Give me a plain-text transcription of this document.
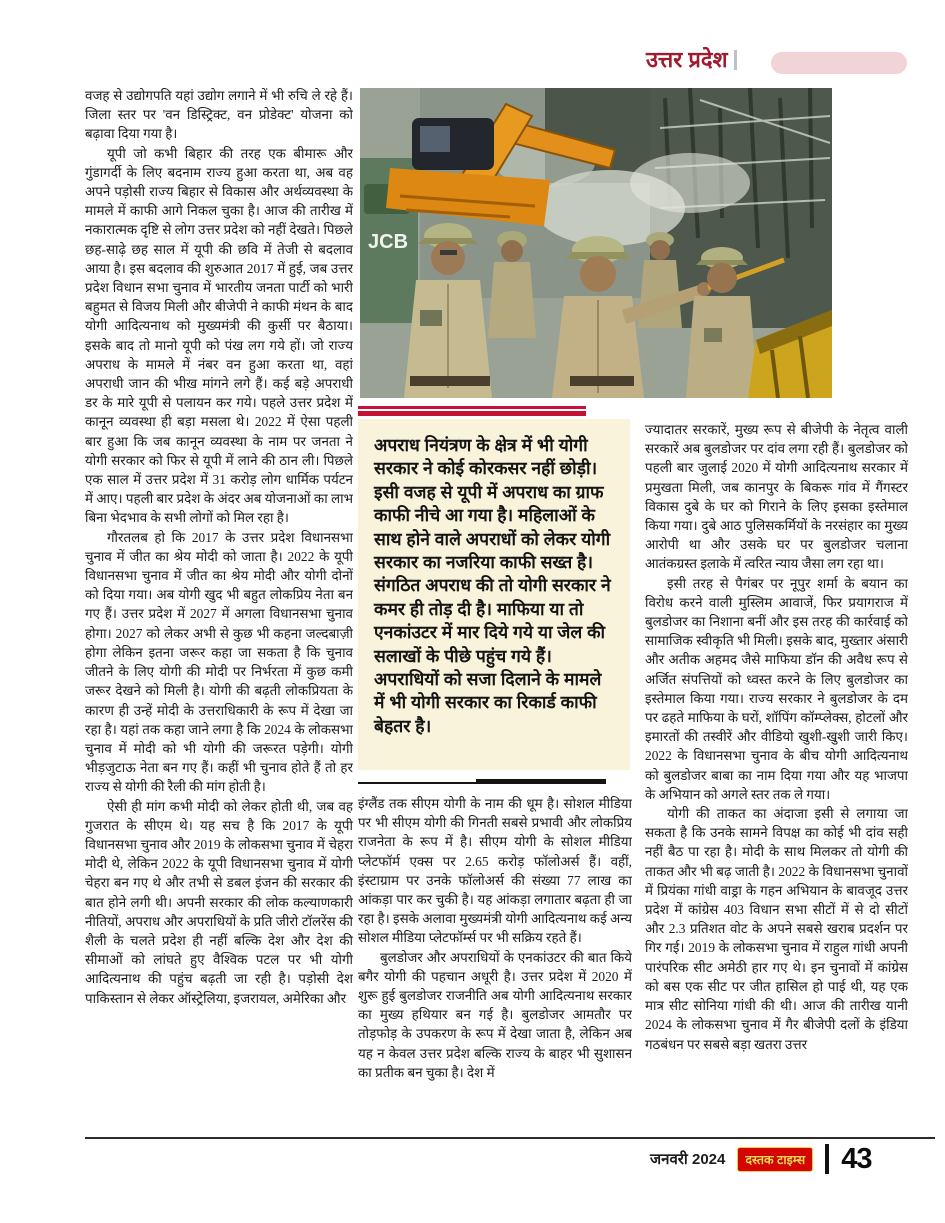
उत्तर प्रदेश
JCB

वजह से उद्योगपति यहां उद्योग लगाने में भी रुचि ले रहे हैं। जिला स्तर पर 'वन डिस्ट्रिक्ट, वन प्रोडेक्ट' योजना को बढ़ावा दिया गया है।

यूपी जो कभी बिहार की तरह एक बीमारू और गुंडागर्दी के लिए बदनाम राज्य हुआ करता था, अब वह अपने पड़ोसी राज्य बिहार से विकास और अर्थव्यवस्था के मामले में काफी आगे निकल चुका है। आज की तारीख में नकारात्मक दृष्टि से लोग उत्तर प्रदेश को नहीं देखते। पिछले छह-साढ़े छह साल में यूपी की छवि में तेजी से बदलाव आया है। इस बदलाव की शुरुआत 2017 में हुई, जब उत्तर प्रदेश विधान सभा चुनाव में भारतीय जनता पार्टी को भारी बहुमत से विजय मिली और बीजेपी ने काफी मंथन के बाद योगी आदित्यनाथ को मुख्यमंत्री की कुर्सी पर बैठाया। इसके बाद तो मानो यूपी को पंख लग गये हों। जो राज्य अपराध के मामले में नंबर वन हुआ करता था, वहां अपराधी जान की भीख मांगने लगे हैं। कई बड़े अपराधी डर के मारे यूपी से पलायन कर गये। पहले उत्तर प्रदेश में कानून व्यवस्था ही बड़ा मसला थे। 2022 में ऐसा पहली बार हुआ कि जब कानून व्यवस्था के नाम पर जनता ने योगी सरकार को फिर से यूपी में लाने की ठान ली। पिछले एक साल में उत्तर प्रदेश में 31 करोड़ लोग धार्मिक पर्यटन में आए। पहली बार प्रदेश के अंदर अब योजनाओं का लाभ बिना भेदभाव के सभी लोगों को मिल रहा है।

गौरतलब हो कि 2017 के उत्तर प्रदेश विधानसभा चुनाव में जीत का श्रेय मोदी को जाता है। 2022 के यूपी विधानसभा चुनाव में जीत का श्रेय मोदी और योगी दोनों को दिया गया। अब योगी खुद भी बहुत लोकप्रिय नेता बन गए हैं। उत्तर प्रदेश में 2027 में अगला विधानसभा चुनाव होगा। 2027 को लेकर अभी से कुछ भी कहना जल्दबाज़ी होगा लेकिन इतना जरूर कहा जा सकता है कि चुनाव जीतने के लिए योगी की मोदी पर निर्भरता में कुछ कमी जरूर देखने को मिली है। योगी की बढ़ती लोकप्रियता के कारण ही उन्हें मोदी के उत्तराधिकारी के रूप में देखा जा रहा है। यहां तक कहा जाने लगा है कि 2024 के लोकसभा चुनाव में मोदी को भी योगी की जरूरत पड़ेगी। योगी भीड़जुटाऊ नेता बन गए हैं। कहीं भी चुनाव होते हैं तो हर राज्य से योगी की रैली की मांग होती है।

ऐसी ही मांग कभी मोदी को लेकर होती थी, जब वह गुजरात के सीएम थे। यह सच है कि 2017 के यूपी विधानसभा चुनाव और 2019 के लोकसभा चुनाव में चेहरा मोदी थे, लेकिन 2022 के यूपी विधानसभा चुनाव में योगी चेहरा बन गए थे और तभी से डबल इंजन की सरकार की बात होने लगी थी। अपनी सरकार की लोक कल्याणकारी नीतियों, अपराध और अपराधियों के प्रति जीरो टॉलरेंस की शैली के चलते प्रदेश ही नहीं बल्कि देश और देश की सीमाओं को लांघते हुए वैश्विक पटल पर भी योगी आदित्यनाथ की पहुंच बढ़ती जा रही है। पड़ोसी देश पाकिस्तान से लेकर ऑस्ट्रेलिया, इजरायल, अमेरिका और

अपराध नियंत्रण के क्षेत्र में भी योगी सरकार ने कोई कोरकसर नहीं छोड़ी। इसी वजह से यूपी में अपराध का ग्राफ काफी नीचे आ गया है। महिलाओं के साथ होने वाले अपराधों को लेकर योगी सरकार का नजरिया काफी सख्त है। संगठित अपराध की तो योगी सरकार ने कमर ही तोड़ दी है। माफिया या तो एनकांउटर में मार दिये गये या जेल की सलाखों के पीछे पहुंच गये हैं। अपराधियों को सजा दिलाने के मामले में भी योगी सरकार का रिकार्ड काफी बेहतर है।

इंग्लैंड तक सीएम योगी के नाम की धूम है। सोशल मीडिया पर भी सीएम योगी की गिनती सबसे प्रभावी और लोकप्रिय राजनेता के रूप में है। सीएम योगी के सोशल मीडिया प्लेटफॉर्म एक्स पर 2.65 करोड़ फॉलोअर्स हैं। वहीं, इंस्टाग्राम पर उनके फॉलोअर्स की संख्या 77 लाख का आंकड़ा पार कर चुकी है। यह आंकड़ा लगातार बढ़ता ही जा रहा है। इसके अलावा मुख्यमंत्री योगी आदित्यनाथ कई अन्य सोशल मीडिया प्लेटफॉर्म्स पर भी सक्रिय रहते हैं।

बुलडोजर और अपराधियों के एनकांउटर की बात किये बगैर योगी की पहचान अधूरी है। उत्तर प्रदेश में 2020 में शुरू हुई बुलडोजर राजनीति अब योगी आदित्यनाथ सरकार का मुख्य हथियार बन गई है। बुलडोजर आमतौर पर तोड़फोड़ के उपकरण के रूप में देखा जाता है, लेकिन अब यह न केवल उत्तर प्रदेश बल्कि राज्य के बाहर भी सुशासन का प्रतीक बन चुका है। देश में

ज्यादातर सरकारें, मुख्य रूप से बीजेपी के नेतृत्व वाली सरकारें अब बुलडोजर पर दांव लगा रही हैं। बुलडोजर को पहली बार जुलाई 2020 में योगी आदित्यनाथ सरकार में प्रमुखता मिली, जब कानपुर के बिकरू गांव में गैंगस्टर विकास दुबे के घर को गिराने के लिए इसका इस्तेमाल किया गया। दुबे आठ पुलिसकर्मियों के नरसंहार का मुख्य आरोपी था और उसके घर पर बुलडोजर चलाना आतंकग्रस्त इलाके में त्वरित न्याय जैसा लग रहा था।

इसी तरह से पैगंबर पर नूपुर शर्मा के बयान का विरोध करने वाली मुस्लिम आवाजें, फिर प्रयागराज में बुलडोजर का निशाना बनीं और इस तरह की कार्रवाई को सामाजिक स्वीकृति भी मिली। इसके बाद, मुख्तार अंसारी और अतीक अहमद जैसे माफिया डॉन की अवैध रूप से अर्जित संपत्तियों को ध्वस्त करने के लिए बुलडोजर का इस्तेमाल किया गया। राज्य सरकार ने बुलडोजर के दम पर ढहते माफिया के घरों, शॉपिंग कॉम्प्लेक्स, होटलों और इमारतों की तस्वीरें और वीडियो खुशी-खुशी जारी किए। 2022 के विधानसभा चुनाव के बीच योगी आदित्यनाथ को बुलडोजर बाबा का नाम दिया गया और यह भाजपा के अभियान को अगले स्तर तक ले गया।

योगी की ताकत का अंदाजा इसी से लगाया जा सकता है कि उनके सामने विपक्ष का कोई भी दांव सही नहीं बैठ पा रहा है। मोदी के साथ मिलकर तो योगी की ताकत और भी बढ़ जाती है। 2022 के विधानसभा चुनावों में प्रियंका गांधी वाड्रा के गहन अभियान के बावजूद उत्तर प्रदेश में कांग्रेस 403 विधान सभा सीटों में से दो सीटों और 2.3 प्रतिशत वोट के अपने सबसे खराब प्रदर्शन पर गिर गई। 2019 के लोकसभा चुनाव में राहुल गांधी अपनी पारंपरिक सीट अमेठी हार गए थे। इन चुनावों में कांग्रेस को बस एक सीट पर जीत हासिल हो पाई थी, यह एक मात्र सीट सोनिया गांधी की थी। आज की तारीख यानी 2024 के लोकसभा चुनाव में गैर बीजेपी दलों के इंडिया गठबंधन पर सबसे बड़ा खतरा उत्तर

जनवरी 2024	दस्तक टाइम्स 43
